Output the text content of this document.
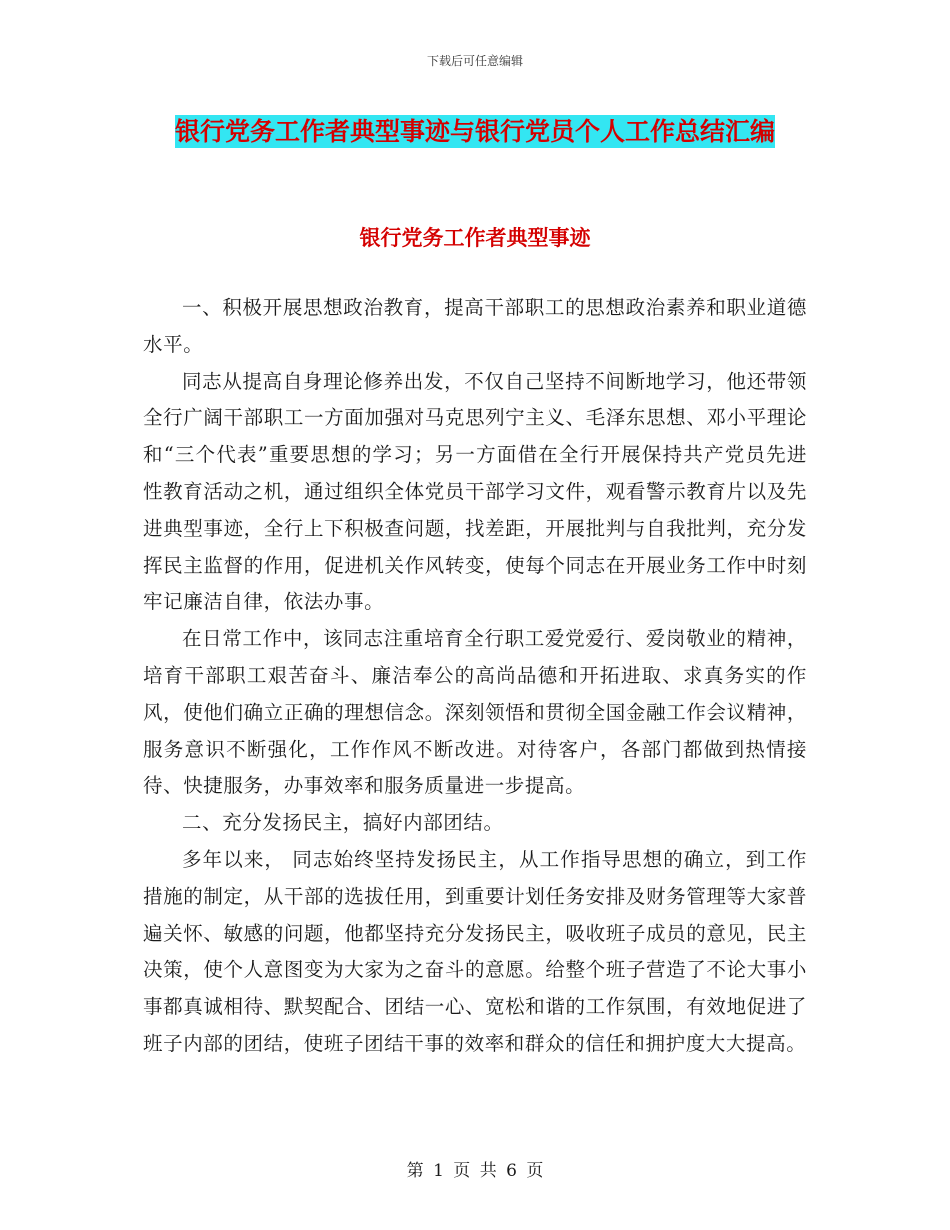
下载后可任意编辑
银行党务工作者典型事迹与银行党员个人工作总结汇编
银行党务工作者典型事迹

一、积极开展思想政治教育，提高干部职工的思想政治素养和职业道德水平。

同志从提高自身理论修养出发，不仅自己坚持不间断地学习，他还带领全行广阔干部职工一方面加强对马克思列宁主义、毛泽东思想、邓小平理论和“三个代表”重要思想的学习；另一方面借在全行开展保持共产党员先进性教育活动之机，通过组织全体党员干部学习文件，观看警示教育片以及先进典型事迹，全行上下积极查问题，找差距，开展批判与自我批判，充分发挥民主监督的作用，促进机关作风转变，使每个同志在开展业务工作中时刻牢记廉洁自律，依法办事。

在日常工作中，该同志注重培育全行职工爱党爱行、爱岗敬业的精神，培育干部职工艰苦奋斗、廉洁奉公的高尚品德和开拓进取、求真务实的作风，使他们确立正确的理想信念。深刻领悟和贯彻全国金融工作会议精神，服务意识不断强化，工作作风不断改进。对待客户，各部门都做到热情接待、快捷服务，办事效率和服务质量进一步提高。

二、充分发扬民主，搞好内部团结。

多年以来， 同志始终坚持发扬民主，从工作指导思想的确立，到工作措施的制定，从干部的选拔任用，到重要计划任务安排及财务管理等大家普遍关怀、敏感的问题，他都坚持充分发扬民主，吸收班子成员的意见，民主决策，使个人意图变为大家为之奋斗的意愿。给整个班子营造了不论大事小事都真诚相待、默契配合、团结一心、宽松和谐的工作氛围，有效地促进了班子内部的团结，使班子团结干事的效率和群众的信任和拥护度大大提高。

第 1 页 共 6 页
